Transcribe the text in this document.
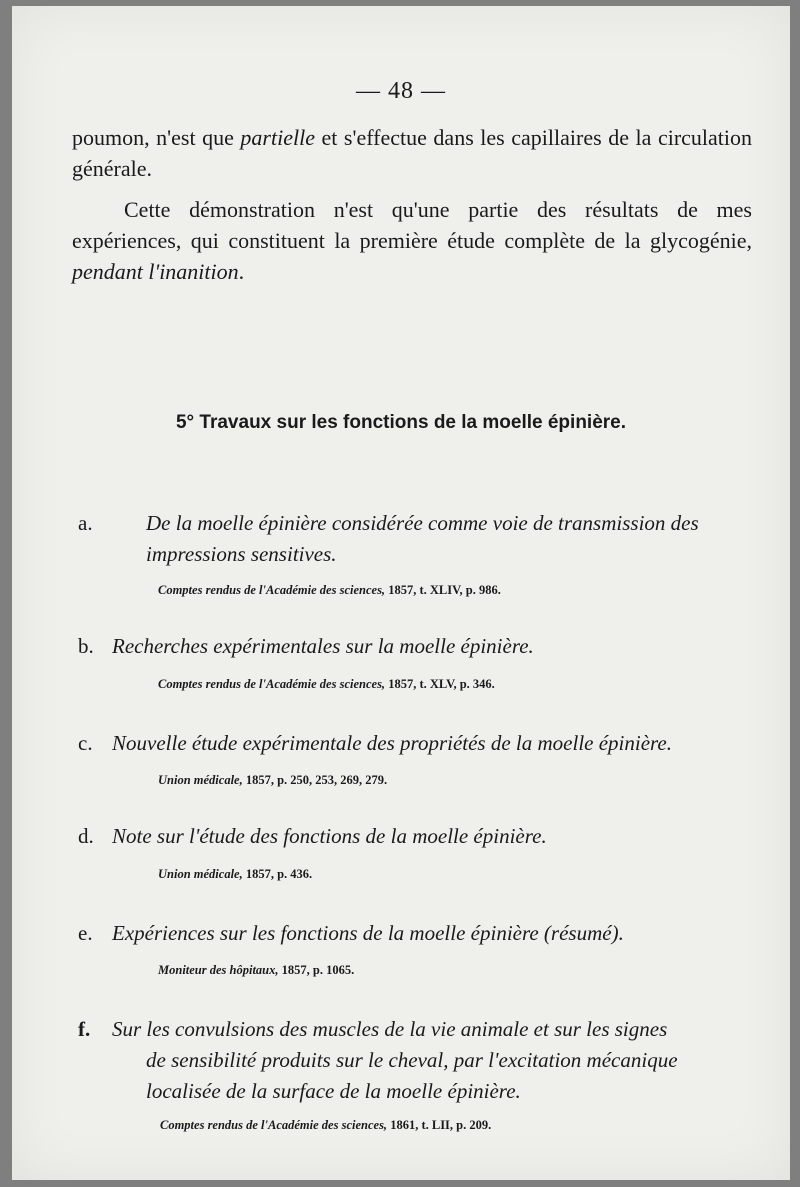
— 48 —

poumon, n'est que partielle et s'effectue dans les capillaires de la circulation générale.

Cette démonstration n'est qu'une partie des résultats de mes expériences, qui constituent la première étude complète de la glycogénie, pendant l'inanition.

5° Travaux sur les fonctions de la moelle épinière.
a.	De la moelle épinière considérée comme voie de transmission des impressions sensitives.
Comptes rendus de l'Académie des sciences, 1857, t. XLIV, p. 986.
b. Recherches expérimentales sur la moelle épinière.
Comptes rendus de l'Académie des sciences, 1857, t. XLV, p. 346.
c. Nouvelle étude expérimentale des propriétés de la moelle épinière.
Union médicale, 1857, p. 250, 253, 269, 279.
d. Note sur l'étude des fonctions de la moelle épinière.
Union médicale, 1857, p. 436.
e. Expériences sur les fonctions de la moelle épinière (résumé).
Moniteur des hôpitaux, 1857, p. 1065.
f. Sur les convulsions des muscles de la vie animale et sur les signes
de sensibilité produits sur le cheval, par l'excitation mécanique
localisée de la surface de la moelle épinière.
Comptes rendus de l'Académie des sciences, 1861, t. LII, p. 209.
